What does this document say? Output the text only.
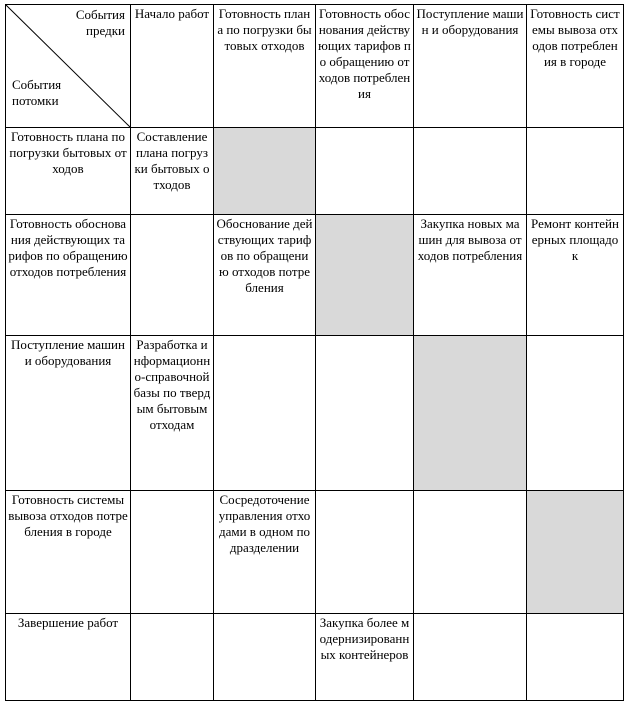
События
предки
События
потомки	Начало работ	Готовность плана по погрузки бытовых отходов	Готовность обоснования действующих тарифов по обращению отходов потребления	Поступление машин и оборудования	Готовность системы вывоза отходов потребления в городе
Готовность плана по погрузки бытовых отходов	Составление плана погрузки бытовых отходов				
Готовность обоснования действующих тарифов по обращению отходов потребления		Обоснование действующих тарифов по обращению отходов потребления		Закупка новых машин для вывоза отходов потребления	Ремонт контейнерных площадок
Поступление машин и оборудования	Разработка информационно-справочной базы по твердым бытовым отходам				
Готовность системы вывоза отходов потребления в городе		Сосредоточение управления отходами в одном подразделении			
Завершение работ			Закупка более модернизированных контейнеров		
